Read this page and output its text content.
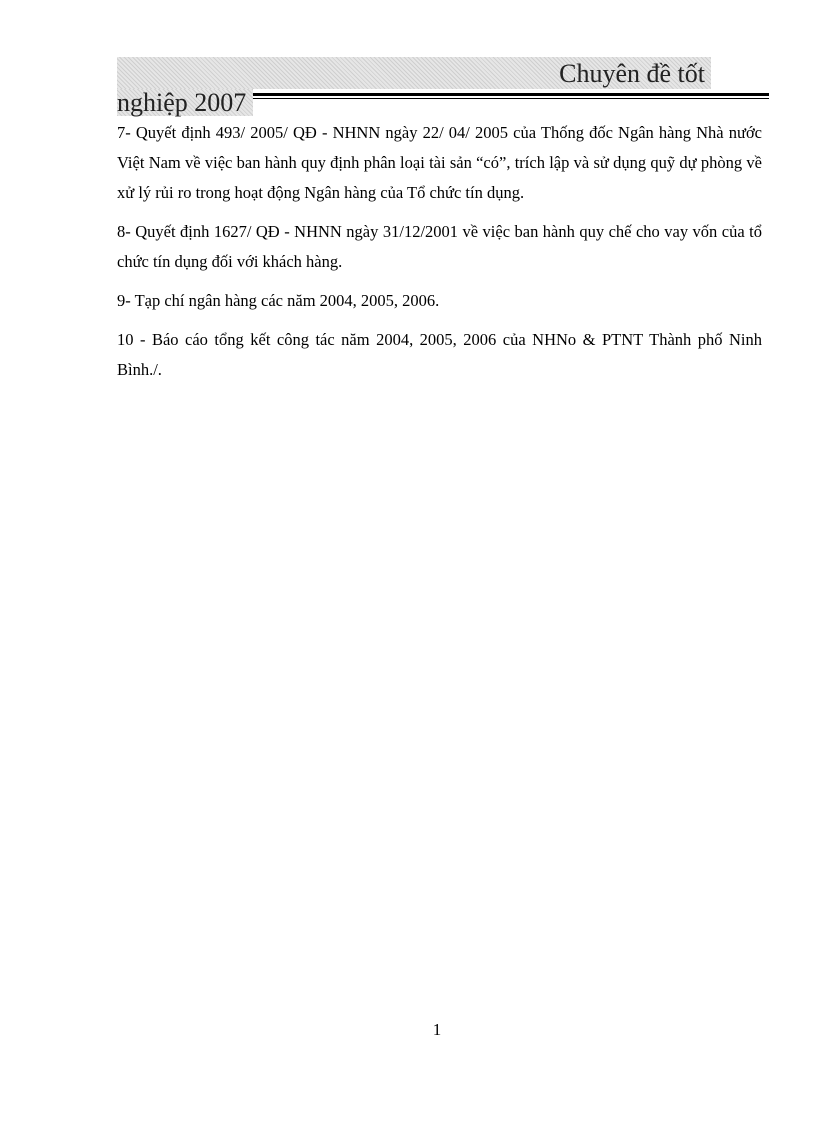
Chuyên đề tốt
nghiệp 2007

7- Quyết định 493/ 2005/ QĐ - NHNN ngày 22/ 04/ 2005 của Thống đốc Ngân hàng Nhà nước Việt Nam về việc ban hành quy định phân loại tài sản “có”, trích lập và sử dụng quỹ dự phòng về xử lý rủi ro trong hoạt động Ngân hàng của Tổ chức tín dụng.

8- Quyết định 1627/ QĐ - NHNN ngày 31/12/2001 về việc ban hành quy chế cho vay vốn của tổ chức tín dụng đối với khách hàng.

9- Tạp chí ngân hàng các năm 2004, 2005, 2006.

10 - Báo cáo tổng kết công tác năm 2004, 2005, 2006 của NHNo & PTNT Thành phố Ninh Bình./.

1
